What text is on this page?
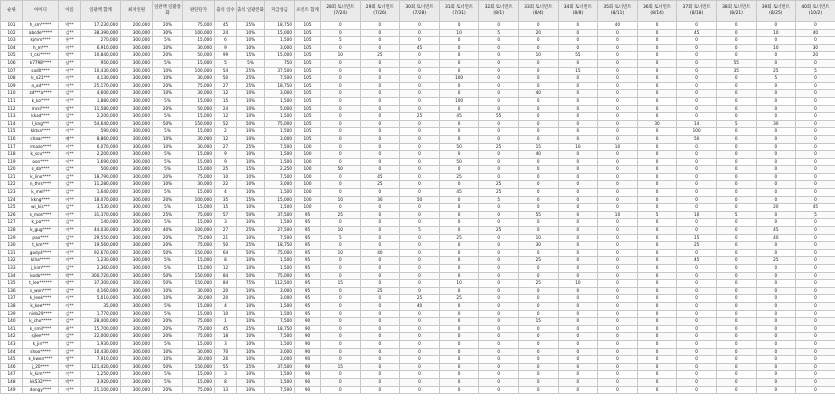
순위	아이디	이름	일광액 합계	최저인원	일관액 일괄증화	판단단가	출석 일수	출석 일광본화	지급상금	포인트 합계	28회 토너먼트 (7/24)	29회 토너먼트 (7/26)	30회 토너먼트 (7/28)	31회 토너먼트 (7/31)	32회 토너먼트 (8/1)	33회 토너먼트 (8/4)	34회 토너먼트 (8/8)	35회 토너먼트 (8/11)	36회 토너먼트 (8/14)	37회 토너먼트 (8/18)	38회 토너먼트 (8/21)	39회 토너먼트 (8/25)	40회 토너먼트 (10/2)
101	h_sm*****	박**	17,230,000	200,000	20%	75,000	45	25%	18,750	105	0	0	0	0	0	0	0	40	0	0	0	0	0
102	abcde*****	김**	38,390,000	300,000	30%	100,000	24	10%	15,000	105	0	0	0	10	5	20	0	0	0	45	0	10	40
103	kjmm****	홍**	270,000	300,000	5%	15,000	6	10%	1,500	105	5	0	0	0	0	0	0	0	0	0	0	0	0
104	h_m***	이**	6,910,000	300,000	10%	30,000	9	10%	3,000	105	0	0	45	0	0	0	0	0	0	0	0	10	30
105	t_cki*****	박**	10,840,000	300,000	20%	50,000	99	15%	15,000	105	10	25	0	0	0	10	55	0	0	0	0	0	20
106	k7798****	남**	950,000	300,000	5%	15,000	5	5%	750	105	0	0	0	0	0	0	0	0	0	0	55	0	0
107	sad0****	이**	10,430,000	300,000	10%	100,000	54	25%	37,500	105	0	0	0	0	0	0	15	0	0	0	35	25	5
108	k_n21***	이**	4,130,000	300,000	10%	30,000	50	25%	7,500	105	0	0	0	100	0	0	0	0	0	0	0	5	0
109	a_ad****	이**	25,170,000	300,000	20%	75,000	27	25%	18,750	105	0	0	0	0	0	0	0	0	0	0	0	0	0
110	zd***a****	김**	4,600,000	300,000	10%	30,000	12	10%	3,000	105	0	0	0	0	0	40	0	0	0	0	0	0	0
111	k_ko****	이**	1,880,000	300,000	5%	15,000	15	10%	1,500	105	0	0	0	100	0	0	0	0	0	0	0	0	0
112	mrsi****	정**	11,580,000	300,000	20%	50,000	24	10%	5,000	105	0	0	0	0	0	0	0	0	0	0	0	0	0
113	kkad****	김**	2,200,000	300,000	5%	15,000	12	10%	1,500	105	0	0	25	45	55	0	0	0	0	0	0	0	0
114	l_kng***	김**	54,640,000	300,000	50%	150,000	52	50%	75,000	105	0	0	0	0	0	0	0	0	30	14	5	30	0
115	kktsa****	이**	590,000	300,000	5%	15,000	2	10%	1,500	105	0	0	0	0	0	0	0	0	0	100	0	0	0
116	chaar****	배**	8,860,000	300,000	10%	30,000	12	10%	3,000	105	0	0	0	0	0	0	0	0	0	50	0	0	0
117	rmazo****	이**	6,070,000	300,000	10%	30,000	27	25%	7,500	100	0	0	0	50	25	15	10	10	0	0	0	0	0
118	k_scu****	이**	2,200,000	300,000	5%	15,000	9	10%	1,500	100	0	0	0	0	0	40	0	0	0	0	0	0	0
119	oon****	이**	1,690,000	300,000	5%	15,000	9	10%	1,500	100	0	0	0	50	0	0	0	0	0	0	0	0	0
120	s_da****	김**	500,000	300,000	5%	15,000	25	15%	2,250	100	50	0	0	0	0	0	0	0	0	0	0	0	0
121	k_lino****	김**	18,790,000	300,000	20%	75,000	10	10%	7,500	100	0	45	0	25	0	0	0	0	0	0	0	0	0
122	n_thrs****	김**	11,280,000	300,000	10%	30,000	22	10%	3,000	100	0	25	0	0	25	0	0	0	0	0	0	0	0
123	k_mel***	김**	1,640,000	300,000	5%	15,000	4	10%	1,500	100	0	0	0	45	25	0	0	0	0	0	0	0	0
124	kkng****	이**	18,070,000	300,000	20%	100,000	35	15%	15,000	100	10	30	50	0	5	0	0	0	0	0	0	0	0
125	wi_kis***	김**	3,530,000	300,000	5%	15,000	15	10%	1,500	100	0	0	0	0	0	0	0	0	0	0	0	20	45
126	s_mos****	이**	31,370,000	300,000	25%	75,000	57	50%	37,500	95	25	0	0	0	0	55	0	10	5	10	5	0	5
127	k_pa****	김**	140,000	300,000	5%	15,000	3	10%	1,500	95	0	0	0	0	0	0	0	0	0	0	0	0	0
128	k_gug****	이**	44,030,000	300,000	40%	100,000	27	25%	27,500	95	10	0	5	0	25	0	0	0	0	0	0	45	0
129	pao****	김**	29,550,000	300,000	20%	75,000	21	10%	7,500	95	5	0	0	25	0	10	0	0	0	15	0	40	0
130	t_km***	정**	19,560,000	300,000	20%	75,000	50	25%	18,750	95	0	0	0	0	0	30	0	0	0	25	0	0	0
131	gody4****	이**	92,670,000	300,000	50%	150,000	64	50%	75,000	95	10	40	0	0	0	0	0	0	0	0	0	0	0
132	kiha*****	이**	1,230,000	300,000	5%	15,000	8	10%	1,500	95	0	0	0	0	0	25	0	0	0	45	0	25	0
133	j_kim****	김**	2,360,000	300,000	5%	15,000	12	10%	1,500	95	0	0	0	0	0	0	0	0	0	0	0	0	0
134	kodo*****	박**	300,720,000	300,000	50%	150,000	84	50%	75,000	95	0	0	0	0	0	0	0	0	0	0	0	0	0
135	t_lee******	박**	37,300,000	300,000	50%	150,000	84	75%	112,500	95	15	0	0	10	0	25	10	0	0	0	0	0	0
136	s_won****	김**	4,160,000	300,000	10%	30,000	20	10%	3,000	95	0	25	0	0	0	0	0	0	0	0	0	0	0
137	k_leek****	이**	5,010,000	300,000	10%	30,000	20	10%	3,000	95	0	0	25	25	0	0	0	0	0	0	0	0	0
138	k_kee****	이**	35,000	300,000	5%	15,000	4	10%	1,500	95	0	0	40	0	0	0	0	0	0	0	0	0	0
139	nido29****	김**	1,770,000	300,000	5%	15,000	10	10%	1,500	95	0	0	0	0	0	0	0	0	0	0	0	0	0
140	k_cho*****	김**	28,400,000	300,000	20%	75,000	1	10%	7,500	90	0	0	0	0	0	15	0	0	0	0	0	0	0
141	k_smil****	최**	15,700,000	300,000	20%	75,000	45	25%	18,750	90	0	0	0	0	0	0	0	0	0	0	0	0	0
142	sjlee****	김**	22,000,000	300,000	20%	75,000	18	10%	7,500	90	0	0	0	0	0	0	0	0	0	0	0	0	0
143	k_jin***	김**	1,930,000	300,000	5%	15,000	3	10%	1,500	90	0	0	0	0	0	0	0	0	0	0	0	0	0
144	shoo*****	김**	10,430,000	300,000	10%	30,000	70	10%	3,000	90	0	0	0	0	0	0	0	0	0	0	0	0	0
145	k_kwon****	정**	7,910,000	300,000	10%	30,000	26	10%	3,000	90	0	0	0	0	0	0	0	0	0	0	0	0	0
146	j_20****	박**	121,420,000	300,000	50%	150,000	55	25%	37,500	90	15	0	0	0	0	0	0	0	0	0	0	0	0
147	k_kim****	이**	1,250,000	300,000	5%	15,000	3	10%	1,500	90	0	0	0	0	0	0	0	0	0	0	0	0	0
148	kk532****	박**	3,920,000	300,000	5%	15,000	8	10%	1,500	90	0	0	0	0	0	0	0	0	0	0	0	0	0
149	dongy****	이**	21,100,000	300,000	20%	75,000	13	10%	7,500	90	0	0	0	0	0	0	0	0	0	0	0	0	0
